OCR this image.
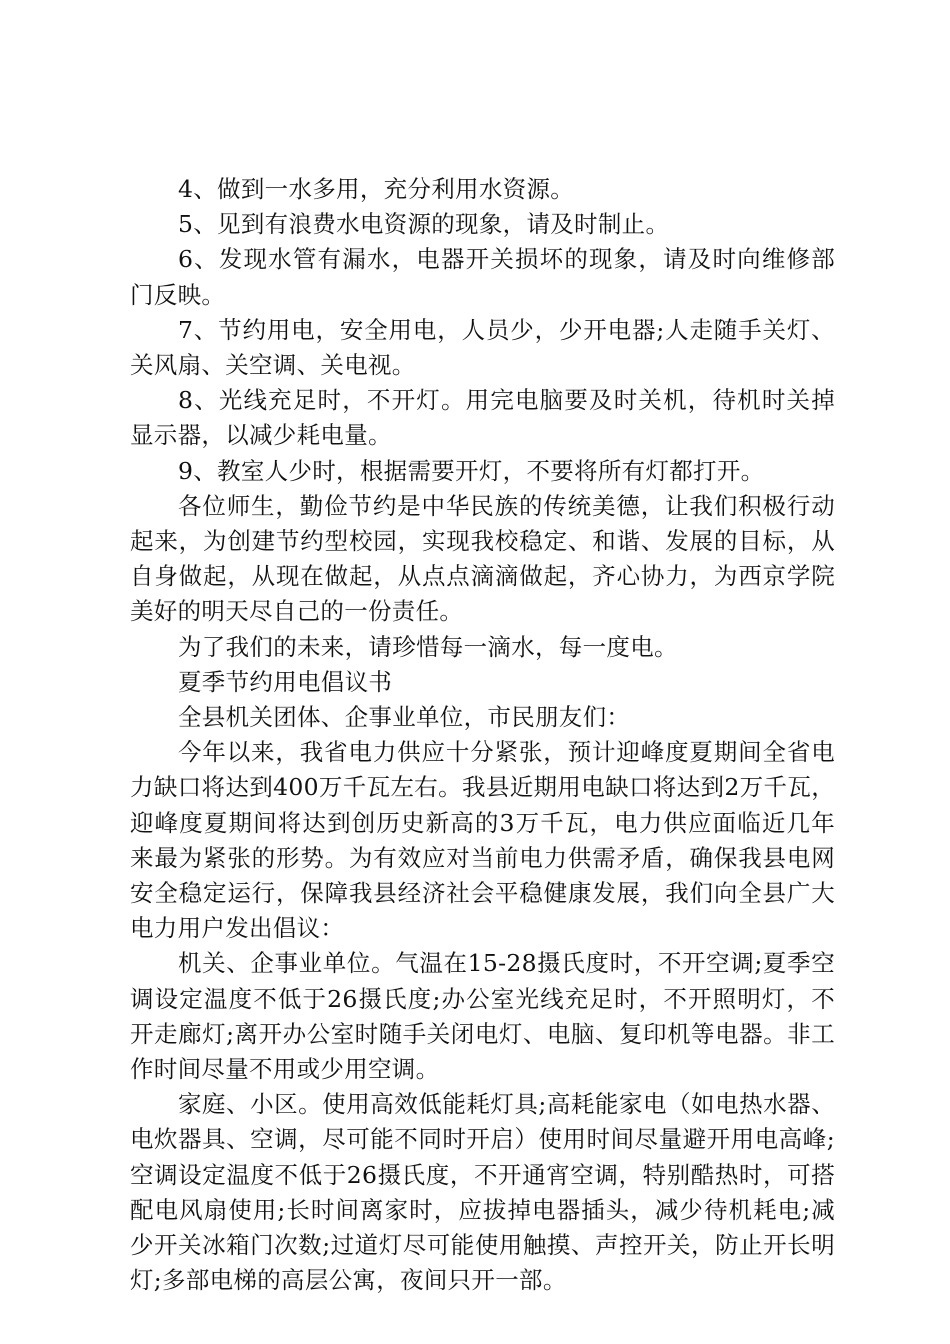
4、做到一水多用，充分利用水资源。

5、见到有浪费水电资源的现象，请及时制止。

6、发现水管有漏水，电器开关损坏的现象，请及时向维修部门反映。

7、节约用电，安全用电，人员少，少开电器;人走随手关灯、关风扇、关空调、关电视。

8、光线充足时，不开灯。用完电脑要及时关机，待机时关掉显示器，以减少耗电量。

9、教室人少时，根据需要开灯，不要将所有灯都打开。

各位师生，勤俭节约是中华民族的传统美德，让我们积极行动起来，为创建节约型校园，实现我校稳定、和谐、发展的目标，从自身做起，从现在做起，从点点滴滴做起，齐心协力，为西京学院美好的明天尽自己的一份责任。

为了我们的未来，请珍惜每一滴水，每一度电。

夏季节约用电倡议书

全县机关团体、企事业单位，市民朋友们：

今年以来，我省电力供应十分紧张，预计迎峰度夏期间全省电力缺口将达到400万千瓦左右。我县近期用电缺口将达到2万千瓦，迎峰度夏期间将达到创历史新高的3万千瓦，电力供应面临近几年来最为紧张的形势。为有效应对当前电力供需矛盾，确保我县电网安全稳定运行，保障我县经济社会平稳健康发展，我们向全县广大电力用户发出倡议：

机关、企事业单位。气温在15-28摄氏度时，不开空调;夏季空调设定温度不低于26摄氏度;办公室光线充足时，不开照明灯，不开走廊灯;离开办公室时随手关闭电灯、电脑、复印机等电器。非工作时间尽量不用或少用空调。

家庭、小区。使用高效低能耗灯具;高耗能家电（如电热水器、电炊器具、空调，尽可能不同时开启）使用时间尽量避开用电高峰;空调设定温度不低于26摄氏度，不开通宵空调，特别酷热时，可搭配电风扇使用;长时间离家时，应拔掉电器插头，减少待机耗电;减少开关冰箱门次数;过道灯尽可能使用触摸、声控开关，防止开长明灯;多部电梯的高层公寓，夜间只开一部。
